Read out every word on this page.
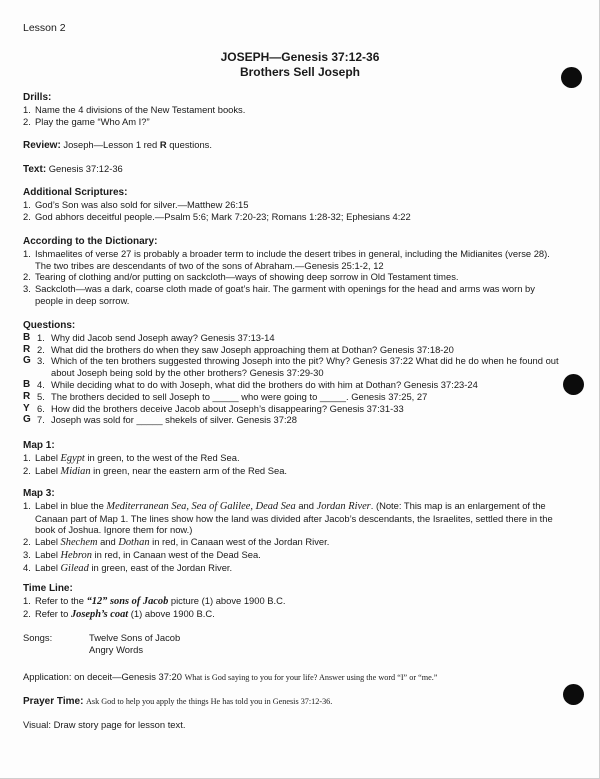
Lesson 2
JOSEPH—Genesis 37:12-36
Brothers Sell Joseph
Drills:
1. Name the 4 divisions of the New Testament books.
2. Play the game “Who Am I?”
Review: Joseph—Lesson 1 red R questions.
Text: Genesis 37:12-36
Additional Scriptures:
1. God’s Son was also sold for silver.—Matthew 26:15
2. God abhors deceitful people.—Psalm 5:6; Mark 7:20-23; Romans 1:28-32; Ephesians 4:22
According to the Dictionary:
1. Ishmaelites of verse 27 is probably a broader term to include the desert tribes in general, including the Midianites (verse 28). The two tribes are descendants of two of the sons of Abraham.—Genesis 25:1-2, 12
2. Tearing of clothing and/or putting on sackcloth—ways of showing deep sorrow in Old Testament times.
3. Sackcloth—was a dark, coarse cloth made of goat’s hair. The garment with openings for the head and arms was worn by people in deep sorrow.
Questions:
B 1. Why did Jacob send Joseph away? Genesis 37:13-14
R 2. What did the brothers do when they saw Joseph approaching them at Dothan? Genesis 37:18-20
G 3. Which of the ten brothers suggested throwing Joseph into the pit? Why? Genesis 37:22 What did he do when he found out about Joseph being sold by the other brothers? Genesis 37:29-30
B 4. While deciding what to do with Joseph, what did the brothers do with him at Dothan? Genesis 37:23-24
R 5. The brothers decided to sell Joseph to _____ who were going to _____. Genesis 37:25, 27
Y 6. How did the brothers deceive Jacob about Joseph’s disappearing? Genesis 37:31-33
G 7. Joseph was sold for _____ shekels of silver. Genesis 37:28
Map 1:
1. Label Egypt in green, to the west of the Red Sea.
2. Label Midian in green, near the eastern arm of the Red Sea.
Map 3:
1. Label in blue the Mediterranean Sea, Sea of Galilee, Dead Sea and Jordan River. (Note: This map is an enlargement of the Canaan part of Map 1. The lines show how the land was divided after Jacob’s descendants, the Israelites, settled there in the book of Joshua. Ignore them for now.)
2. Label Shechem and Dothan in red, in Canaan west of the Jordan River.
3. Label Hebron in red, in Canaan west of the Dead Sea.
4. Label Gilead in green, east of the Jordan River.
Time Line:
1. Refer to the “12” sons of Jacob picture (1) above 1900 B.C.
2. Refer to Joseph’s coat (1) above 1900 B.C.
Songs:	Twelve Sons of Jacob
Angry Words
Application: on deceit—Genesis 37:20 What is God saying to you for your life? Answer using the word “I” or “me.”
Prayer Time: Ask God to help you apply the things He has told you in Genesis 37:12-36.
Visual: Draw story page for lesson text.
